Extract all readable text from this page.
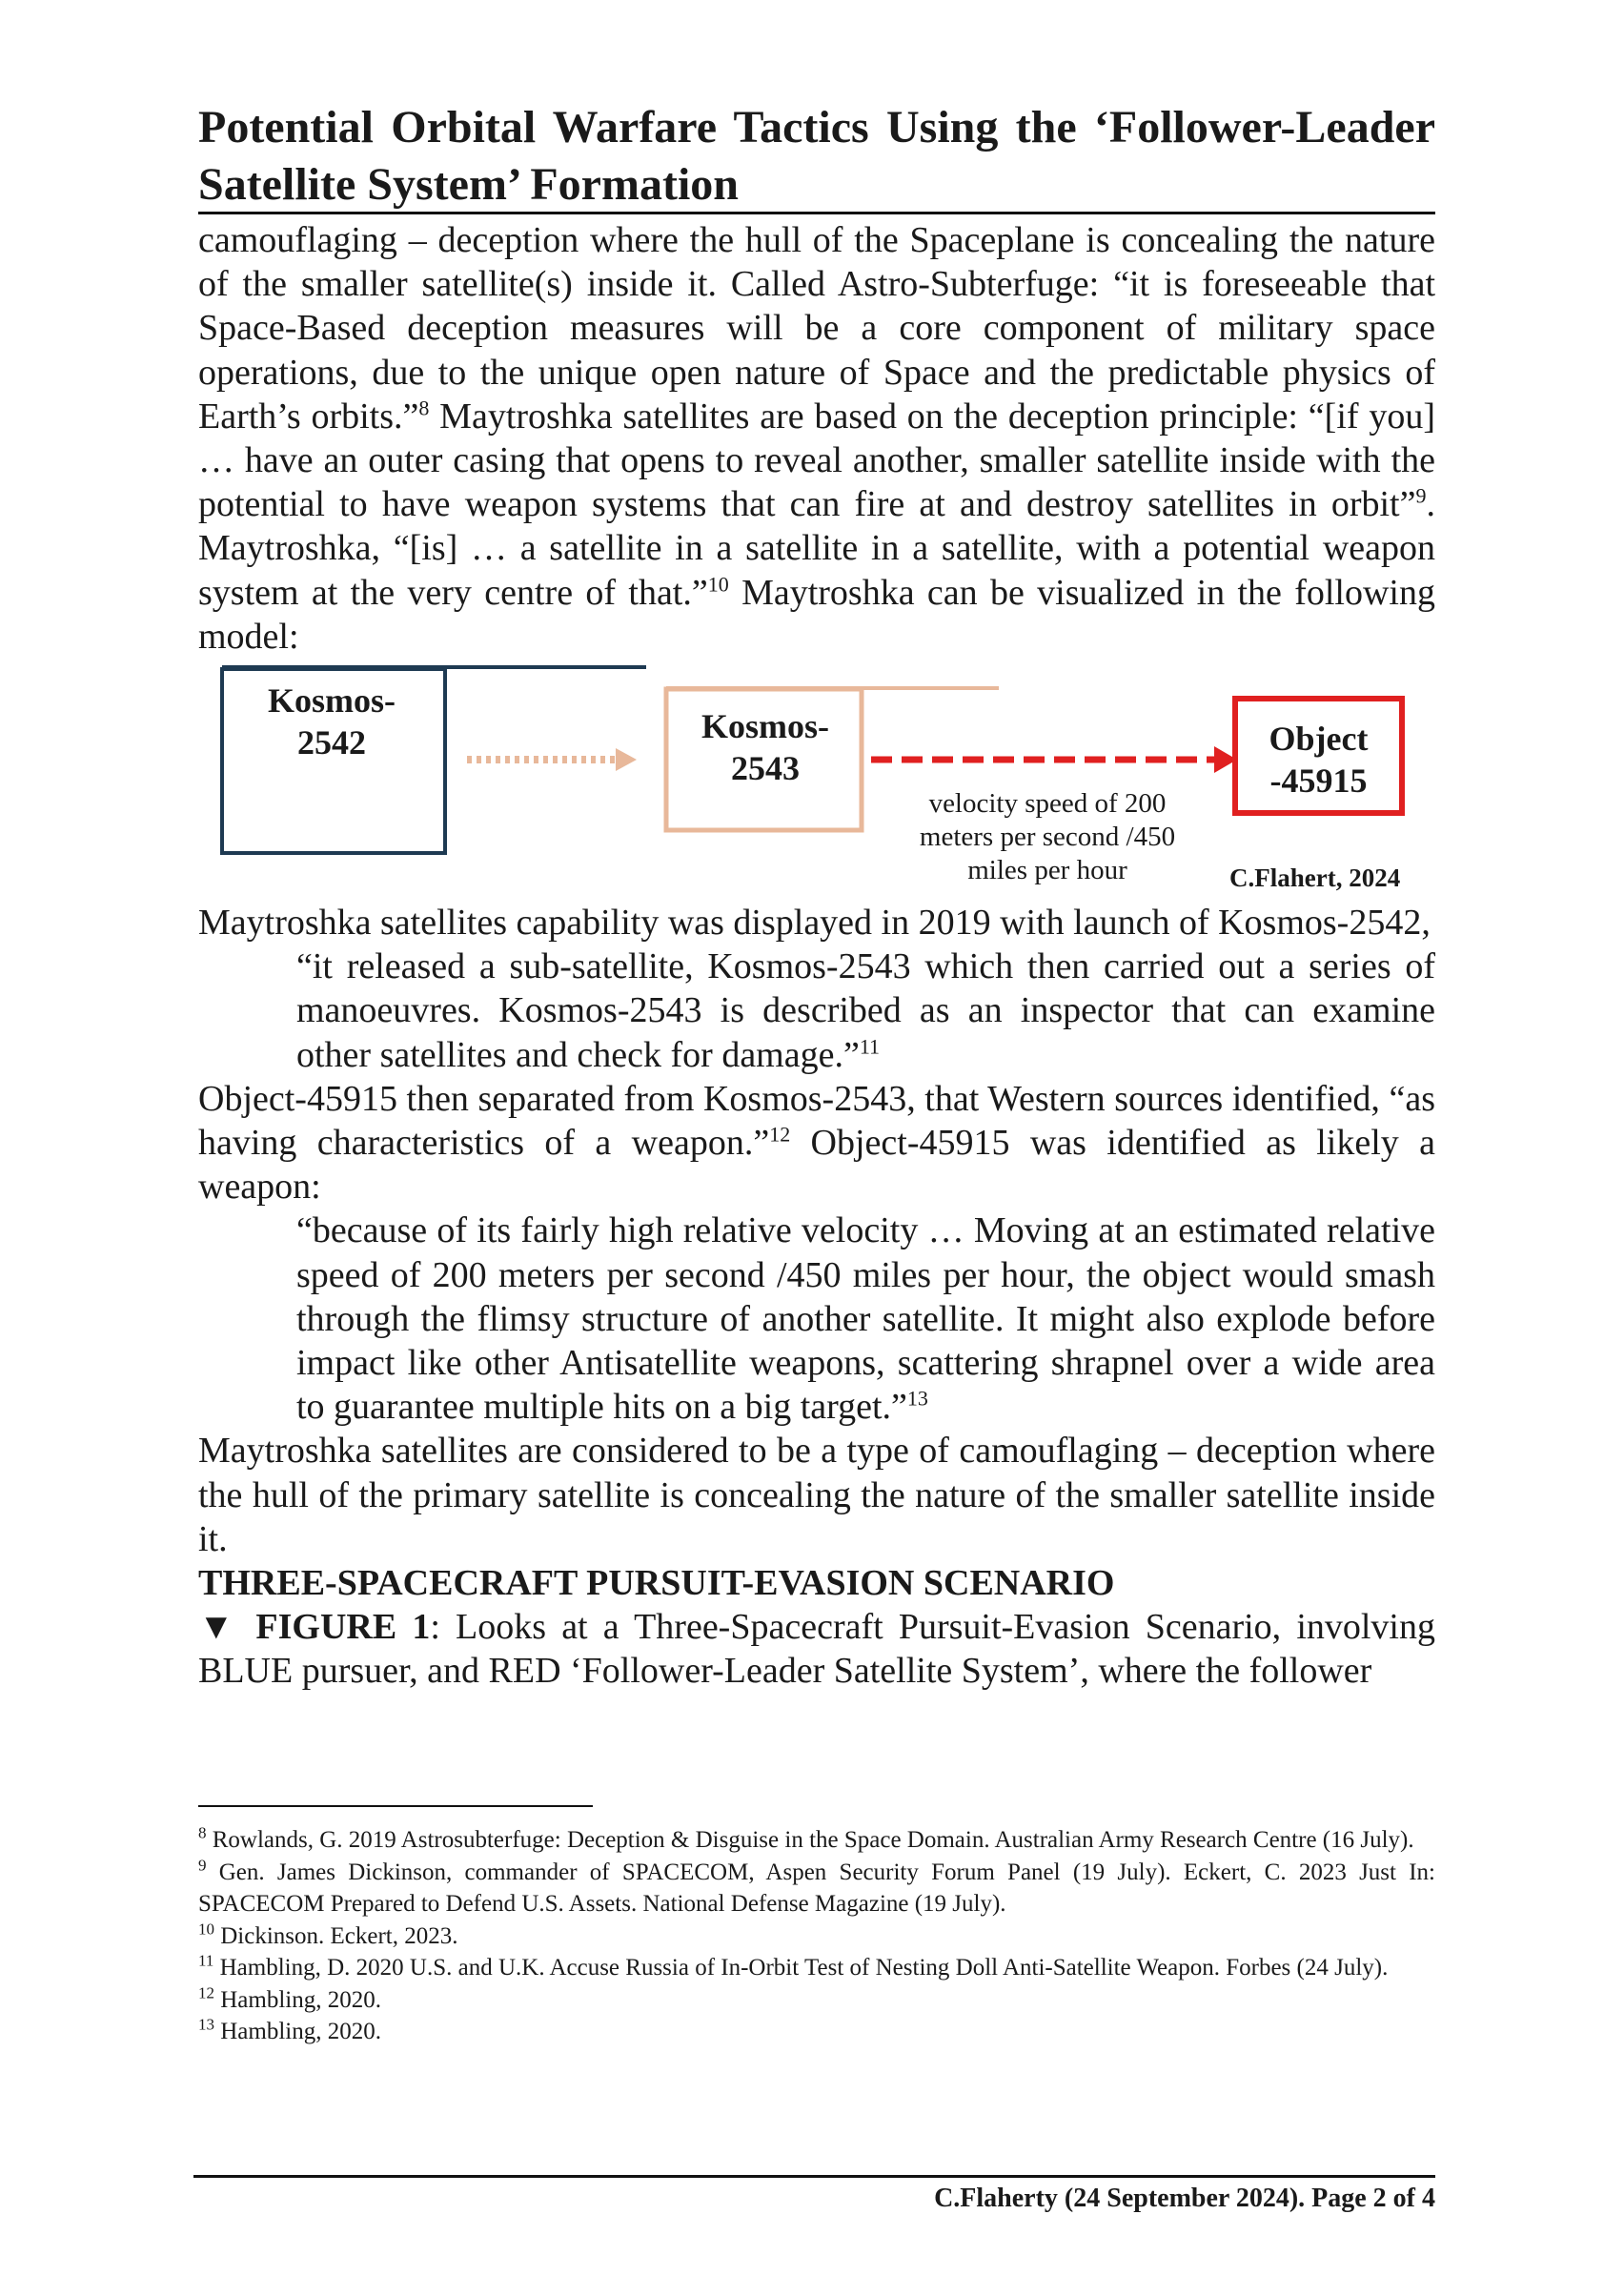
Potential Orbital Warfare Tactics Using the ‘Follower-Leader Satellite System’ Formation

camouflaging – deception where the hull of the Spaceplane is concealing the nature of the smaller satellite(s) inside it. Called Astro-Subterfuge: “it is foreseeable that Space-Based deception measures will be a core component of military space operations, due to the unique open nature of Space and the predictable physics of Earth’s orbits.”$^8$ Maytroshka satellites are based on the deception principle: “[if you] … have an outer casing that opens to reveal another, smaller satellite inside with the potential to have weapon systems that can fire at and destroy satellites in orbit”$^9$. Maytroshka, “[is] … a satellite in a satellite in a satellite, with a potential weapon system at the very centre of that.”$^{10}$ Maytroshka can be visualized in the following model:

Kosmos-2542	Kosmos-2543
Object -45915
velocity speed of 200 meters per second /450 miles per hour	C.Flahert, 2024

Maytroshka satellites capability was displayed in 2019 with launch of Kosmos-2542,

“it released a sub-satellite, Kosmos-2543 which then carried out a series of manoeuvres. Kosmos-2543 is described as an inspector that can examine other satellites and check for damage.”$^{11}$

Object-45915 then separated from Kosmos-2543, that Western sources identified, “as having characteristics of a weapon.”$^{12}$ Object-45915 was identified as likely a weapon:

“because of its fairly high relative velocity … Moving at an estimated relative speed of 200 meters per second /450 miles per hour, the object would smash through the flimsy structure of another satellite. It might also explode before impact like other Antisatellite weapons, scattering shrapnel over a wide area to guarantee multiple hits on a big target.”$^{13}$

Maytroshka satellites are considered to be a type of camouflaging – deception where the hull of the primary satellite is concealing the nature of the smaller satellite inside it.

THREE-SPACECRAFT PURSUIT-EVASION SCENARIO

▼ FIGURE 1: Looks at a Three-Spacecraft Pursuit-Evasion Scenario, involving BLUE pursuer, and RED ‘Follower-Leader Satellite System’, where the follower

$^8$ Rowlands, G. 2019 Astrosubterfuge: Deception & Disguise in the Space Domain. Australian Army Research Centre (16 July).

$^9$ Gen. James Dickinson, commander of SPACECOM, Aspen Security Forum Panel (19 July). Eckert, C. 2023 Just In: SPACECOM Prepared to Defend U.S. Assets. National Defense Magazine (19 July).

$^{10}$ Dickinson. Eckert, 2023.

$^{11}$ Hambling, D. 2020 U.S. and U.K. Accuse Russia of In-Orbit Test of Nesting Doll Anti-Satellite Weapon. Forbes (24 July).

$^{12}$ Hambling, 2020.

$^{13}$ Hambling, 2020.

C.Flaherty (24 September 2024). Page 2 of 4
